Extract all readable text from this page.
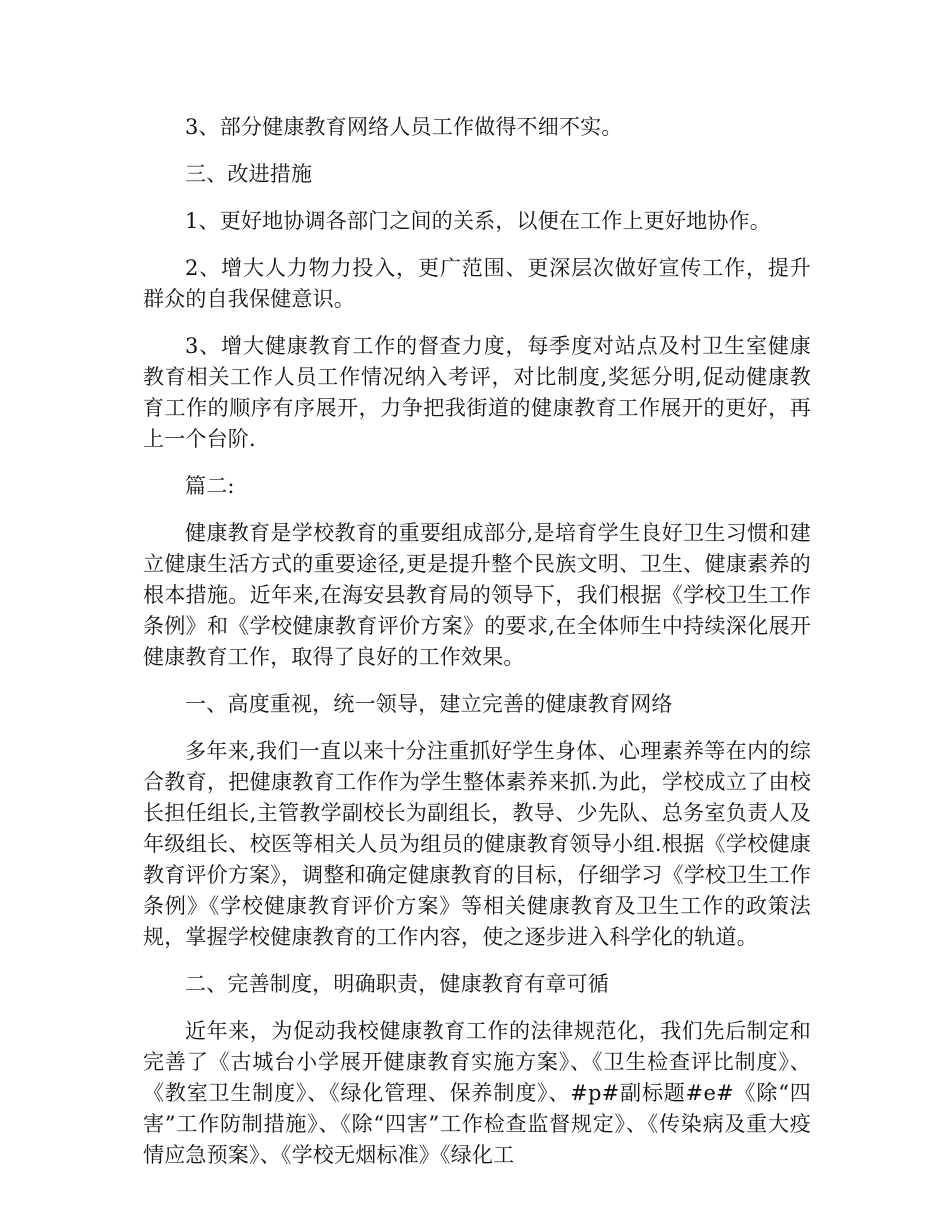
3、部分健康教育网络人员工作做得不细不实。

三、改进措施

1、更好地协调各部门之间的关系，以便在工作上更好地协作。

2、增大人力物力投入，更广范围、更深层次做好宣传工作，提升群众的自我保健意识。

3、增大健康教育工作的督查力度，每季度对站点及村卫生室健康教育相关工作人员工作情况纳入考评，对比制度,奖惩分明,促动健康教育工作的顺序有序展开，力争把我街道的健康教育工作展开的更好，再上一个台阶.

篇二:

健康教育是学校教育的重要组成部分,是培育学生良好卫生习惯和建立健康生活方式的重要途径,更是提升整个民族文明、卫生、健康素养的根本措施。近年来,在海安县教育局的领导下，我们根据《学校卫生工作条例》和《学校健康教育评价方案》的要求,在全体师生中持续深化展开健康教育工作，取得了良好的工作效果。

一、高度重视，统一领导，建立完善的健康教育网络

多年来,我们一直以来十分注重抓好学生身体、心理素养等在内的综合教育，把健康教育工作作为学生整体素养来抓.为此，学校成立了由校长担任组长,主管教学副校长为副组长，教导、少先队、总务室负责人及年级组长、校医等相关人员为组员的健康教育领导小组.根据《学校健康教育评价方案》，调整和确定健康教育的目标，仔细学习《学校卫生工作条例》《学校健康教育评价方案》等相关健康教育及卫生工作的政策法规，掌握学校健康教育的工作内容，使之逐步进入科学化的轨道。

二、完善制度，明确职责，健康教育有章可循

近年来，为促动我校健康教育工作的法律规范化，我们先后制定和完善了《古城台小学展开健康教育实施方案》、《卫生检查评比制度》、《教室卫生制度》、《绿化管理、保养制度》、#p#副标题#e#《除“四害”工作防制措施》、《除“四害”工作检查监督规定》、《传染病及重大疫情应急预案》、《学校无烟标准》《绿化工
